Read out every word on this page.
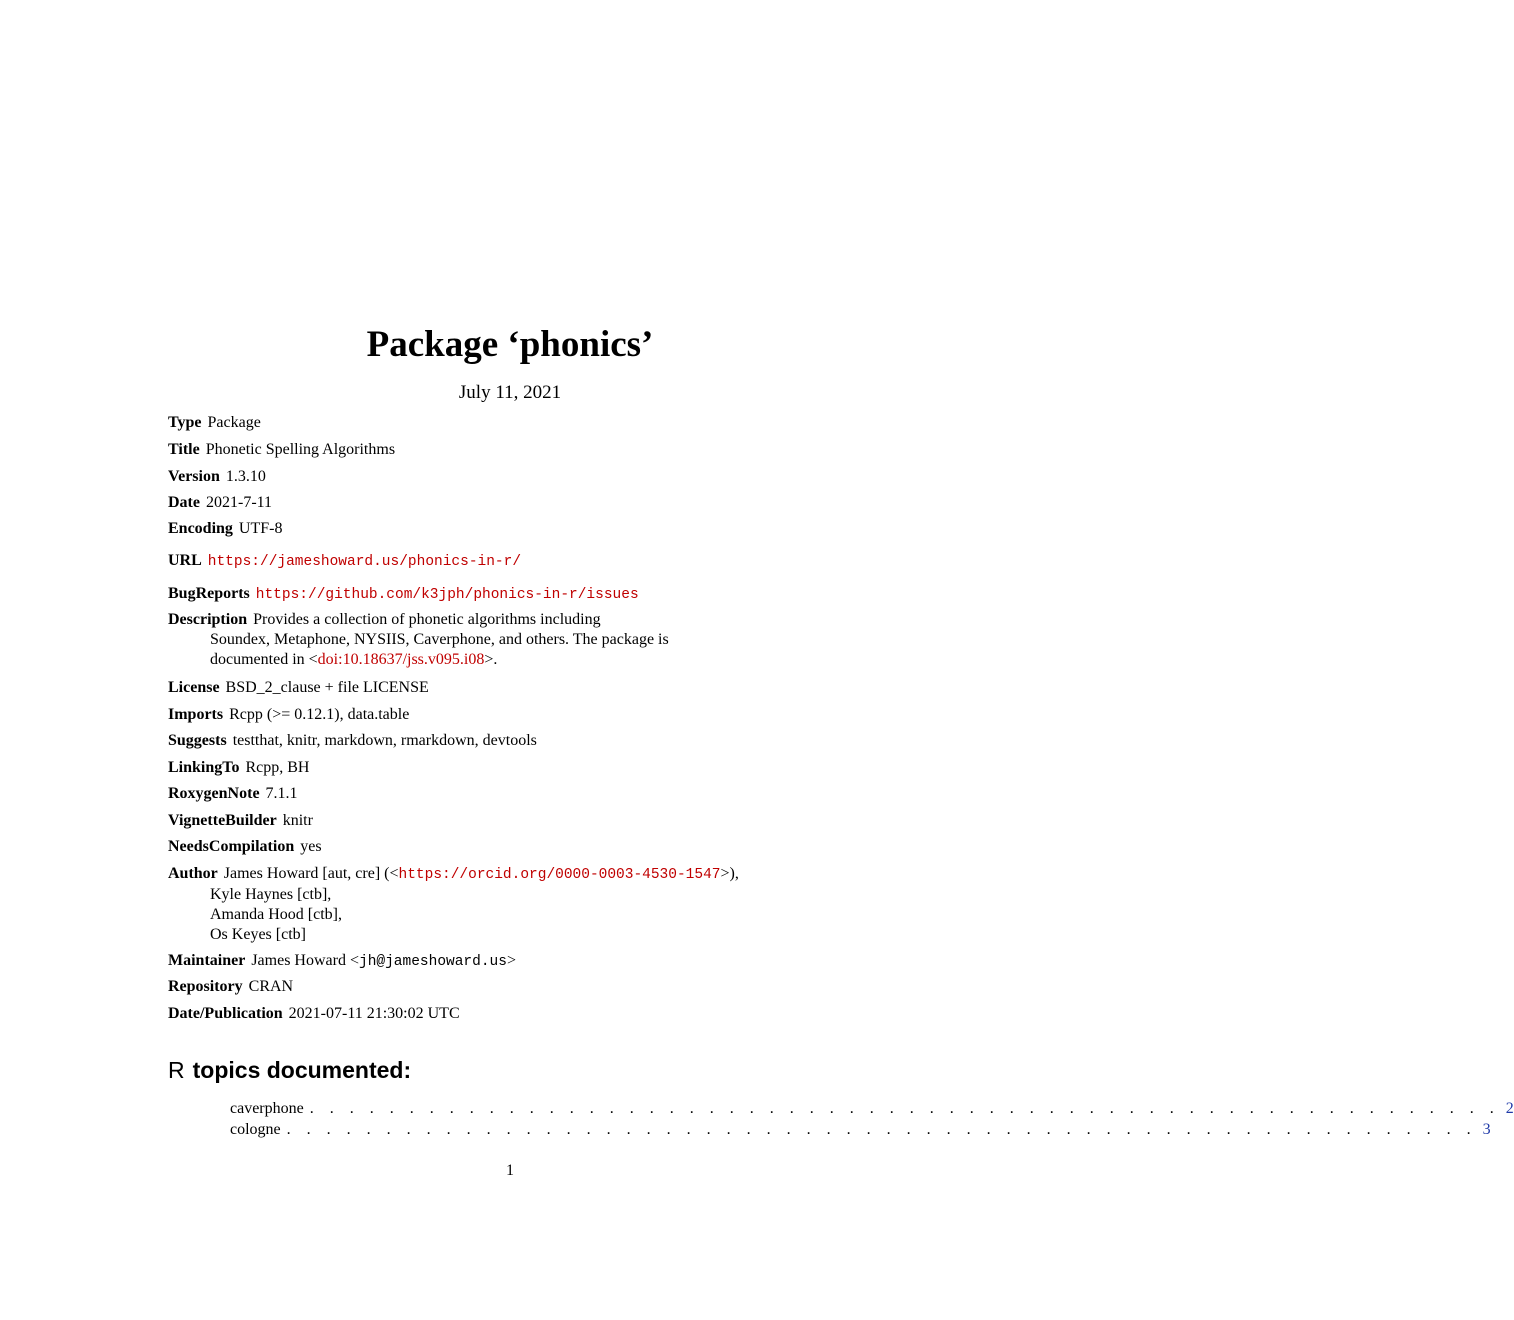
Package ‘phonics’
July 11, 2021
Type Package
Title Phonetic Spelling Algorithms
Version 1.3.10
Date 2021-7-11
Encoding UTF-8
URL https://jameshoward.us/phonics-in-r/
BugReports https://github.com/k3jph/phonics-in-r/issues
Description Provides a collection of phonetic algorithms including
Soundex, Metaphone, NYSIIS, Caverphone, and others. The package is
documented in <doi:10.18637/jss.v095.i08>.
License BSD_2_clause + file LICENSE
Imports Rcpp (>= 0.12.1), data.table
Suggests testthat, knitr, markdown, rmarkdown, devtools
LinkingTo Rcpp, BH
RoxygenNote 7.1.1
VignetteBuilder knitr
NeedsCompilation yes
Author James Howard [aut, cre] (<https://orcid.org/0000-0003-4530-1547>),
Kyle Haynes [ctb],
Amanda Hood [ctb],
Os Keyes [ctb]
Maintainer James Howard <jh@jameshoward.us>
Repository CRAN
Date/Publication 2021-07-11 21:30:02 UTC
R topics documented:
caverphone . . . . . . . . . . . . . . . . . . . . . . . . . . . . . . . . . . . . . . . . . . . . . . . . . . . . . . . . . . . . 2
cologne . . . . . . . . . . . . . . . . . . . . . . . . . . . . . . . . . . . . . . . . . . . . . . . . . . . . . . . . . . . . 3
1
